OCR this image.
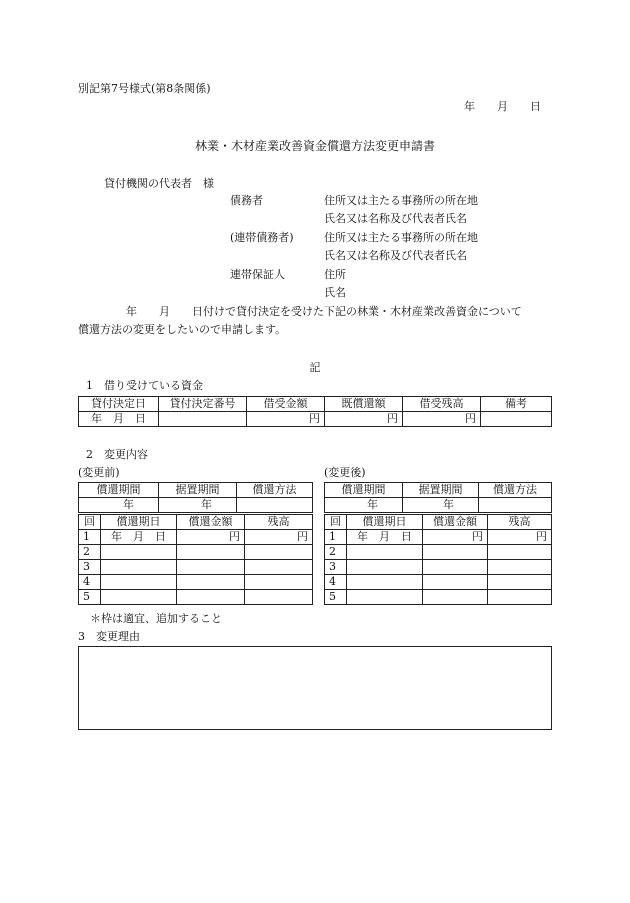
別記第7号様式(第8条関係)
年　　月　　日
林業・木材産業改善資金償還方法変更申請書
貸付機関の代表者　様
債務者	住所又は主たる事務所の所在地
氏名又は名称及び代表者氏名
(連帯債務者)	住所又は主たる事務所の所在地
氏名又は名称及び代表者氏名
連帯保証人	住所
氏名
年　　月　　日付けで貸付決定を受けた下記の林業・木材産業改善資金について
償還方法の変更をしたいので申請します。
記
1　借り受けている資金
貸付決定日	貸付決定番号	借受金額	既償還額	借受残高	備考
年　月　日		円	円	円	
2　変更内容
(変更前)	(変更後)
償還期間	据置期間	償還方法
年	年	
回	償還期日	償還金額	残高
1	年　月　日	円	円
2			
3			
4			
5			
償還期間	据置期間	償還方法
年	年	
回	償還期日	償還金額	残高
1	年　月　日	円	円
2			
3			
4			
5			
＊枠は適宜、追加すること
3　変更理由
